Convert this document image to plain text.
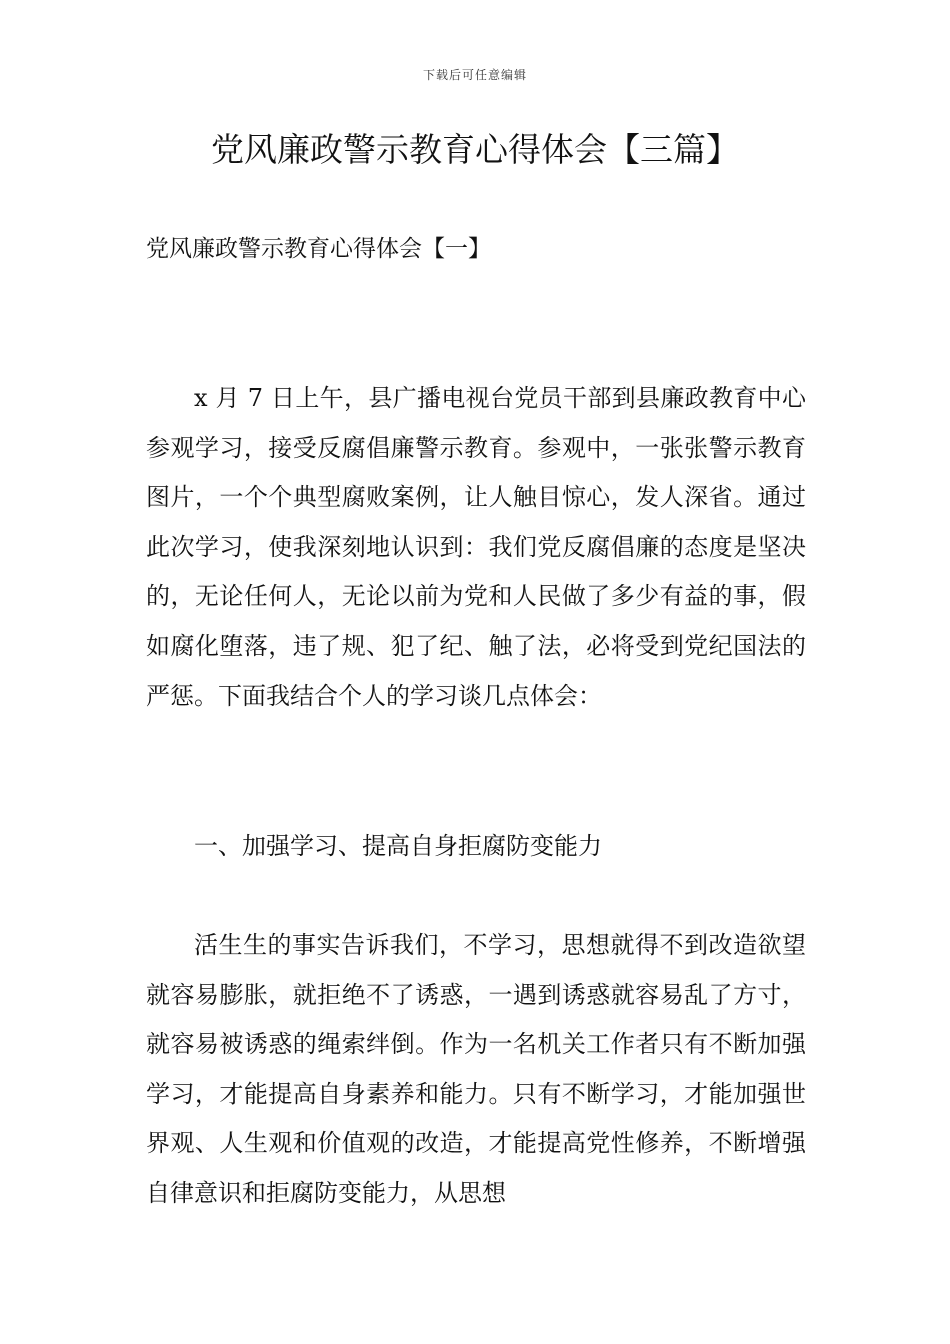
下载后可任意编辑
党风廉政警示教育心得体会【三篇】
党风廉政警示教育心得体会【一】

x 月 7 日上午，县广播电视台党员干部到县廉政教育中心参观学习，接受反腐倡廉警示教育。参观中，一张张警示教育图片，一个个典型腐败案例，让人触目惊心，发人深省。通过此次学习，使我深刻地认识到：我们党反腐倡廉的态度是坚决的，无论任何人，无论以前为党和人民做了多少有益的事，假如腐化堕落，违了规、犯了纪、触了法，必将受到党纪国法的严惩。下面我结合个人的学习谈几点体会：

一、加强学习、提高自身拒腐防变能力

活生生的事实告诉我们，不学习，思想就得不到改造欲望就容易膨胀，就拒绝不了诱惑，一遇到诱惑就容易乱了方寸，就容易被诱惑的绳索绊倒。作为一名机关工作者只有不断加强学习，才能提高自身素养和能力。只有不断学习，才能加强世界观、人生观和价值观的改造，才能提高党性修养，不断增强自律意识和拒腐防变能力，从思想
